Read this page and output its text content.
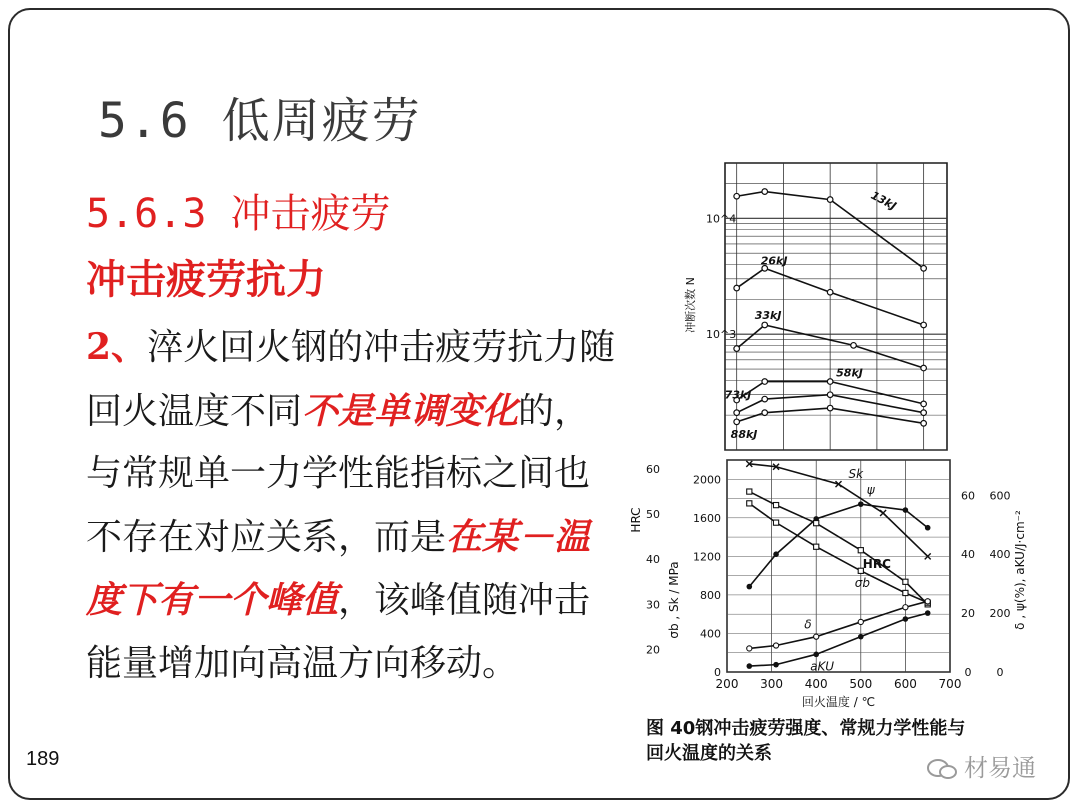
5.6 低周疲劳
5.6.3 冲击疲劳
冲击疲劳抗力
2、淬火回火钢的冲击疲劳抗力随回火温度不同不是单调变化的，与常规单一力学性能指标之间也不存在对应关系，而是在某－温度下有一个峰值，该峰值随冲击能量增加向高温方向移动。
189
10^4
10^3
冲断次数 N
13kJ
26kJ
33kJ
58kJ
73kJ
88kJ
200 300 400 500 600 700
回火温度 / ℃
0
400
800
1200
1600
2000
20
30
40
50
60
0
20
40
60
0
200
400
600
HRC
σb , Sk / MPa	δ , ψ(%), aKU/J·cm⁻²
Sk
ψ
HRC
σb
δ
aKU
图 40钢冲击疲劳强度、常规力学性能与
回火温度的关系
材易通
